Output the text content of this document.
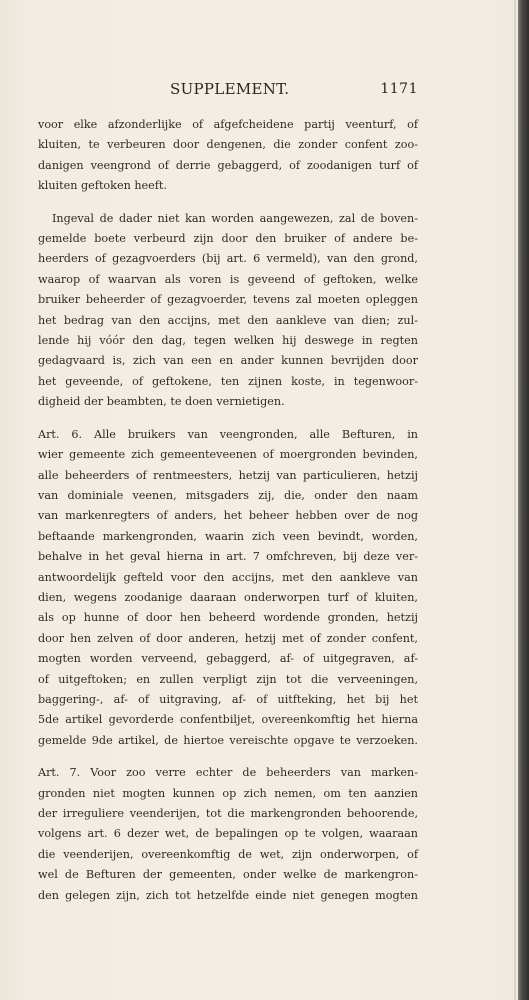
SUPPLEMENT.	1171
voor elke afzonderlijke of afgefcheidene partij veenturf, of
kluiten, te verbeuren door dengenen, die zonder confent zoo-
danigen veengrond of derrie gebaggerd, of zoodanigen turf of
kluiten geftoken heeft.
Ingeval de dader niet kan worden aangewezen, zal de boven-
gemelde boete verbeurd zijn door den bruiker of andere be-
heerders of gezagvoerders (bij art. 6 vermeld), van den grond,
waarop of waarvan als voren is geveend of geftoken, welke
bruiker beheerder of gezagvoerder, tevens zal moeten opleggen
het bedrag van den accijns, met den aankleve van dien; zul-
lende hij vóór den dag, tegen welken hij deswege in regten
gedagvaard is, zich van een en ander kunnen bevrijden door
het geveende, of geftokene, ten zijnen koste, in tegenwoor-
digheid der beambten, te doen vernietigen.
Art. 6. Alle bruikers van veengronden, alle Befturen, in
wier gemeente zich gemeenteveenen of moergronden bevinden,
alle beheerders of rentmeesters, hetzij van particulieren, hetzij
van dominiale veenen, mitsgaders zij, die, onder den naam
van markenregters of anders, het beheer hebben over de nog
beftaande markengronden, waarin zich veen bevindt, worden,
behalve in het geval hierna in art. 7 omfchreven, bij deze ver-
antwoordelijk gefteld voor den accijns, met den aankleve van
dien, wegens zoodanige daaraan onderworpen turf of kluiten,
als op hunne of door hen beheerd wordende gronden, hetzij
door hen zelven of door anderen, hetzij met of zonder confent,
mogten worden verveend, gebaggerd, af- of uitgegraven, af-
of uitgeftoken; en zullen verpligt zijn tot die verveeningen,
baggering-, af- of uitgraving, af- of uitfteking, het bij het
5de artikel gevorderde confentbiljet, overeenkomftig het hierna
gemelde 9de artikel, de hiertoe vereischte opgave te verzoeken.
Art. 7. Voor zoo verre echter de beheerders van marken-
gronden niet mogten kunnen op zich nemen, om ten aanzien
der irreguliere veenderijen, tot die markengronden behoorende,
volgens art. 6 dezer wet, de bepalingen op te volgen, waaraan
die veenderijen, overeenkomftig de wet, zijn onderworpen, of
wel de Befturen der gemeenten, onder welke de markengron-
den gelegen zijn, zich tot hetzelfde einde niet genegen mogten
